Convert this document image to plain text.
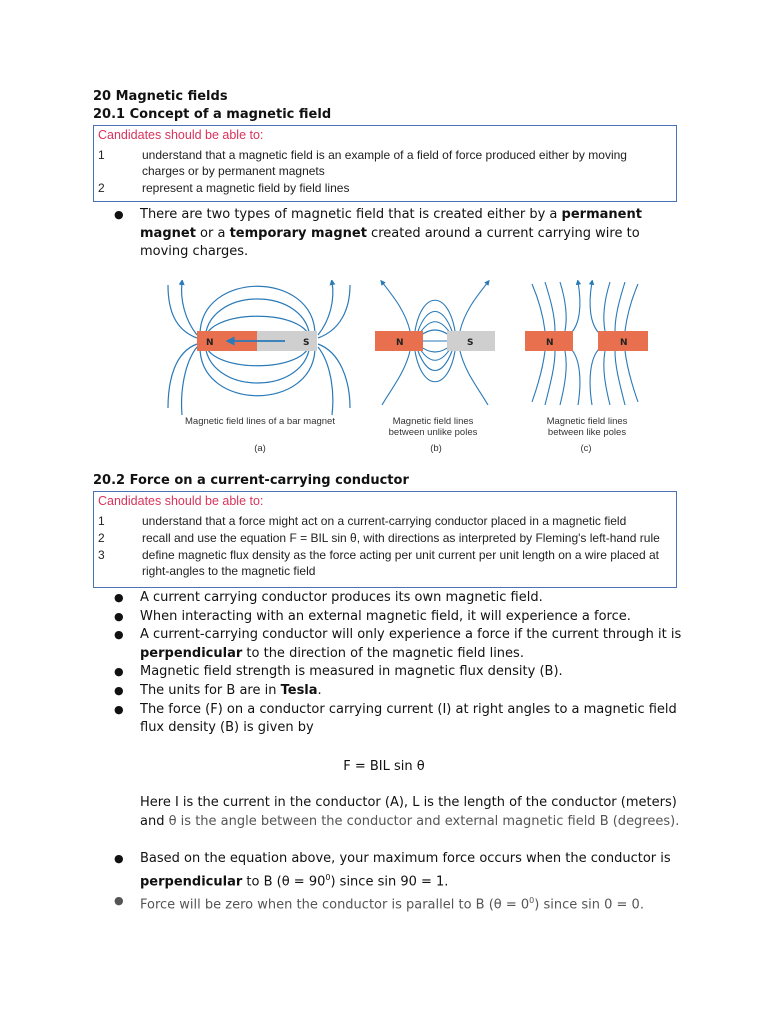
20 Magnetic fields
20.1 Concept of a magnetic field
Candidates should be able to:
1	understand that a magnetic field is an example of a field of force produced either by moving charges or by permanent magnets
2	represent a magnetic field by field lines
●	There are two types of magnetic field that is created either by a permanent magnet or a temporary magnet created around a current carrying wire to moving charges.
N	S	N	S	N	N
Magnetic field lines of a bar magnet	Magnetic field lines
between unlike poles
Magnetic field lines
between like poles
(a)	(b)	(c)
20.2 Force on a current-carrying conductor
Candidates should be able to:
1	understand that a force might act on a current-carrying conductor placed in a magnetic field
2	recall and use the equation F = BIL sin θ, with directions as interpreted by Fleming's left-hand rule
3	define magnetic flux density as the force acting per unit current per unit length on a wire placed at right-angles to the magnetic field
●	A current carrying conductor produces its own magnetic field.
●	When interacting with an external magnetic field, it will experience a force.
●	A current-carrying conductor will only experience a force if the current through it is perpendicular to the direction of the magnetic field lines.
●	Magnetic field strength is measured in magnetic flux density (B).
●	The units for B are in Tesla.
●	The force (F) on a conductor carrying current (I) at right angles to a magnetic field flux density (B) is given by
F = BIL sin θ
Here I is the current in the conductor (A), L is the length of the conductor (meters) and θ is the angle between the conductor and external magnetic field B (degrees).
●	Based on the equation above, your maximum force occurs when the conductor is perpendicular to B $(\theta = 90^0)$ since sin 90 = 1.
●	Force will be zero when the conductor is parallel to B $(\theta = 0^0)$ since sin 0 = 0.
